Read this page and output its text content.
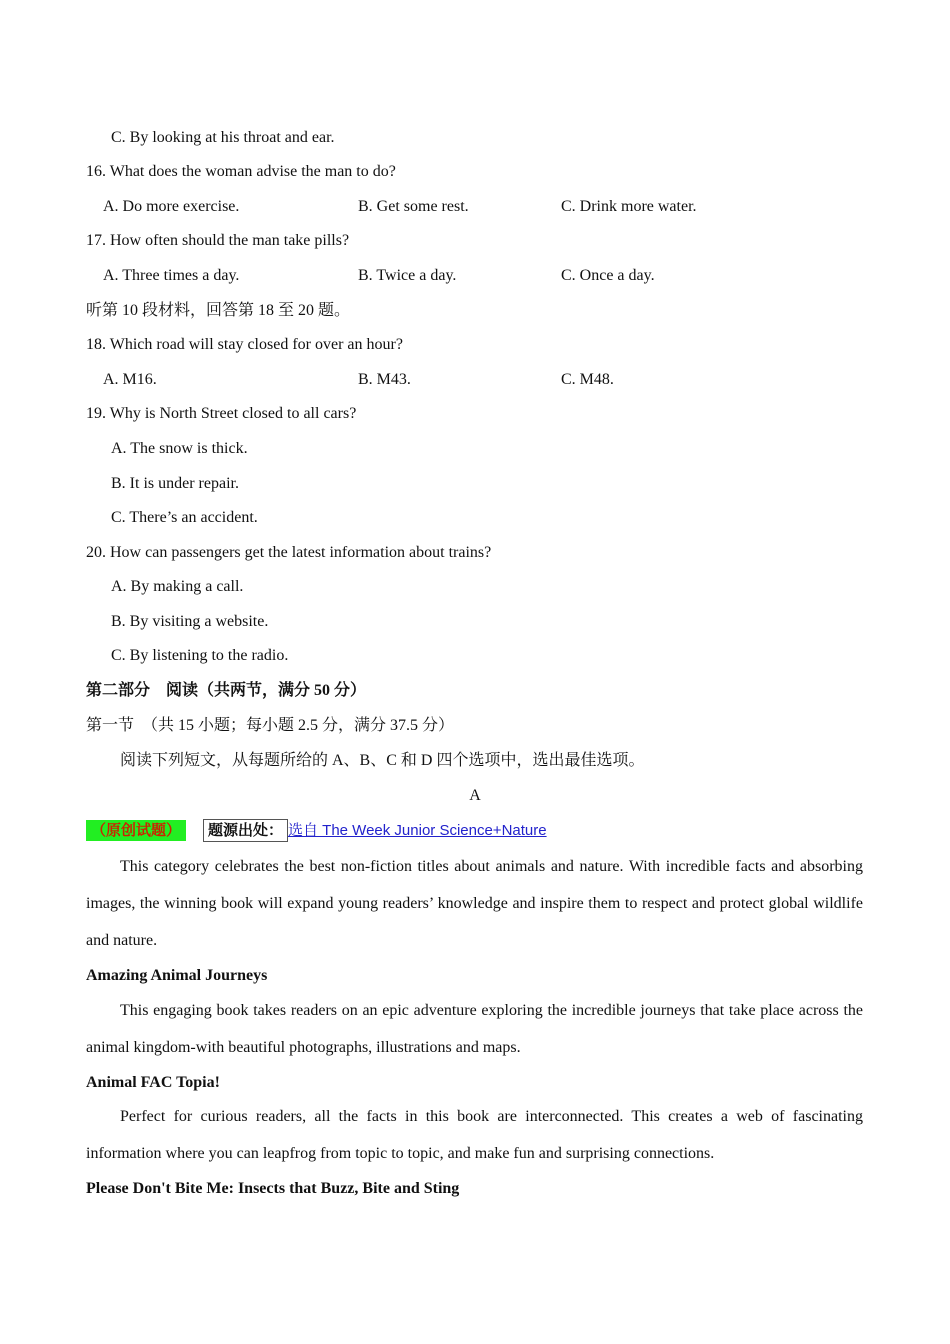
C. By looking at his throat and ear.
16. What does the woman advise the man to do?
A. Do more exercise.	B. Get some rest.	C. Drink more water.
17. How often should the man take pills?
A. Three times a day.	B. Twice a day.	C. Once a day.
听第 10 段材料，回答第 18 至 20 题。
18. Which road will stay closed for over an hour?
A. M16.	B. M43.	C. M48.
19. Why is North Street closed to all cars?
A. The snow is thick.
B. It is under repair.
C. There’s an accident.
20. How can passengers get the latest information about trains?
A. By making a call.
B. By visiting a website.
C. By listening to the radio.
第二部分　阅读（共两节，满分 50 分）
第一节　（共 15 小题；每小题 2.5 分，满分 37.5 分）
阅读下列短文，从每题所给的 A、B、C 和 D 四个选项中，选出最佳选项。
A
（原创试题）	题源出处： 选自 The Week Junior Science+Nature
This category celebrates the best non-fiction titles about animals and nature. With incredible facts and absorbing images, the winning book will expand young readers’ knowledge and inspire them to respect and protect global wildlife and nature.
Amazing Animal Journeys
This engaging book takes readers on an epic adventure exploring the incredible journeys that take place across the animal kingdom-with beautiful photographs, illustrations and maps.
Animal FAC Topia!
Perfect for curious readers, all the facts in this book are interconnected. This creates a web of fascinating information where you can leapfrog from topic to topic, and make fun and surprising connections.
Please Don't Bite Me: Insects that Buzz, Bite and Sting
